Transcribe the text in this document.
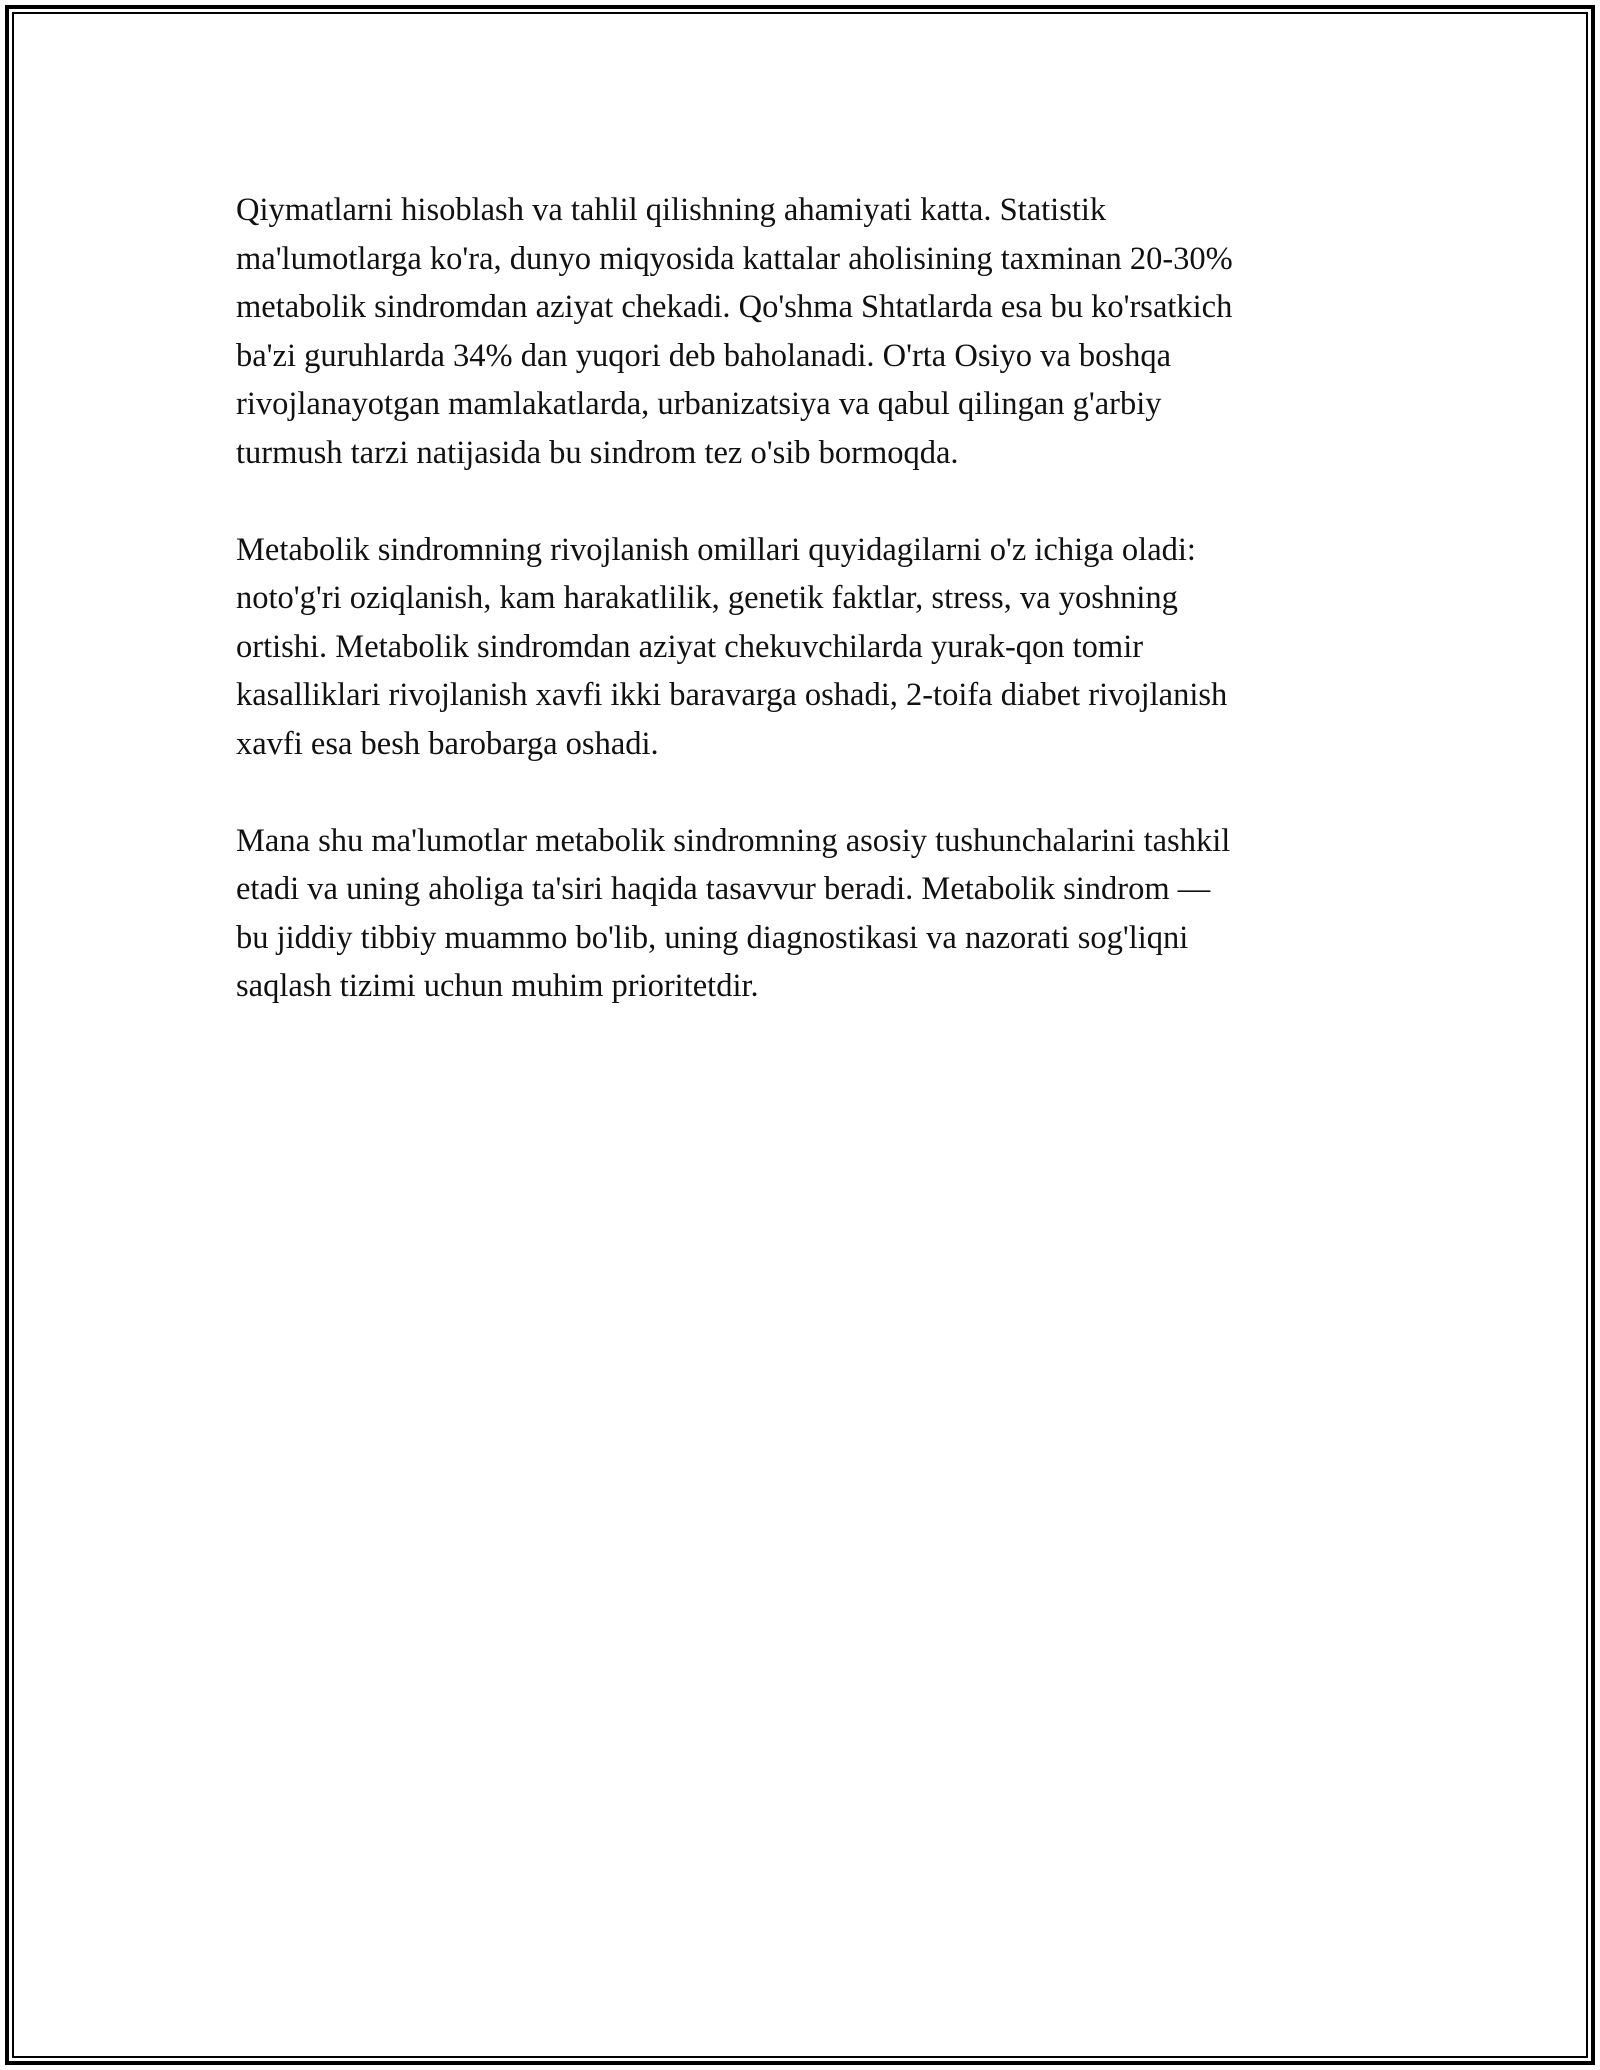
Qiymatlarni hisoblash va tahlil qilishning ahamiyati katta. Statistik
ma'lumotlarga ko'ra, dunyo miqyosida kattalar aholisining taxminan 20-30%
metabolik sindromdan aziyat chekadi. Qo'shma Shtatlarda esa bu ko'rsatkich
ba'zi guruhlarda 34% dan yuqori deb baholanadi. O'rta Osiyo va boshqa
rivojlanayotgan mamlakatlarda, urbanizatsiya va qabul qilingan g'arbiy
turmush tarzi natijasida bu sindrom tez o'sib bormoqda.

Metabolik sindromning rivojlanish omillari quyidagilarni o'z ichiga oladi:
noto'g'ri oziqlanish, kam harakatlilik, genetik faktlar, stress, va yoshning
ortishi. Metabolik sindromdan aziyat chekuvchilarda yurak-qon tomir
kasalliklari rivojlanish xavfi ikki baravarga oshadi, 2-toifa diabet rivojlanish
xavfi esa besh barobarga oshadi.

Mana shu ma'lumotlar metabolik sindromning asosiy tushunchalarini tashkil
etadi va uning aholiga ta'siri haqida tasavvur beradi. Metabolik sindrom —
bu jiddiy tibbiy muammo bo'lib, uning diagnostikasi va nazorati sog'liqni
saqlash tizimi uchun muhim prioritetdir.
